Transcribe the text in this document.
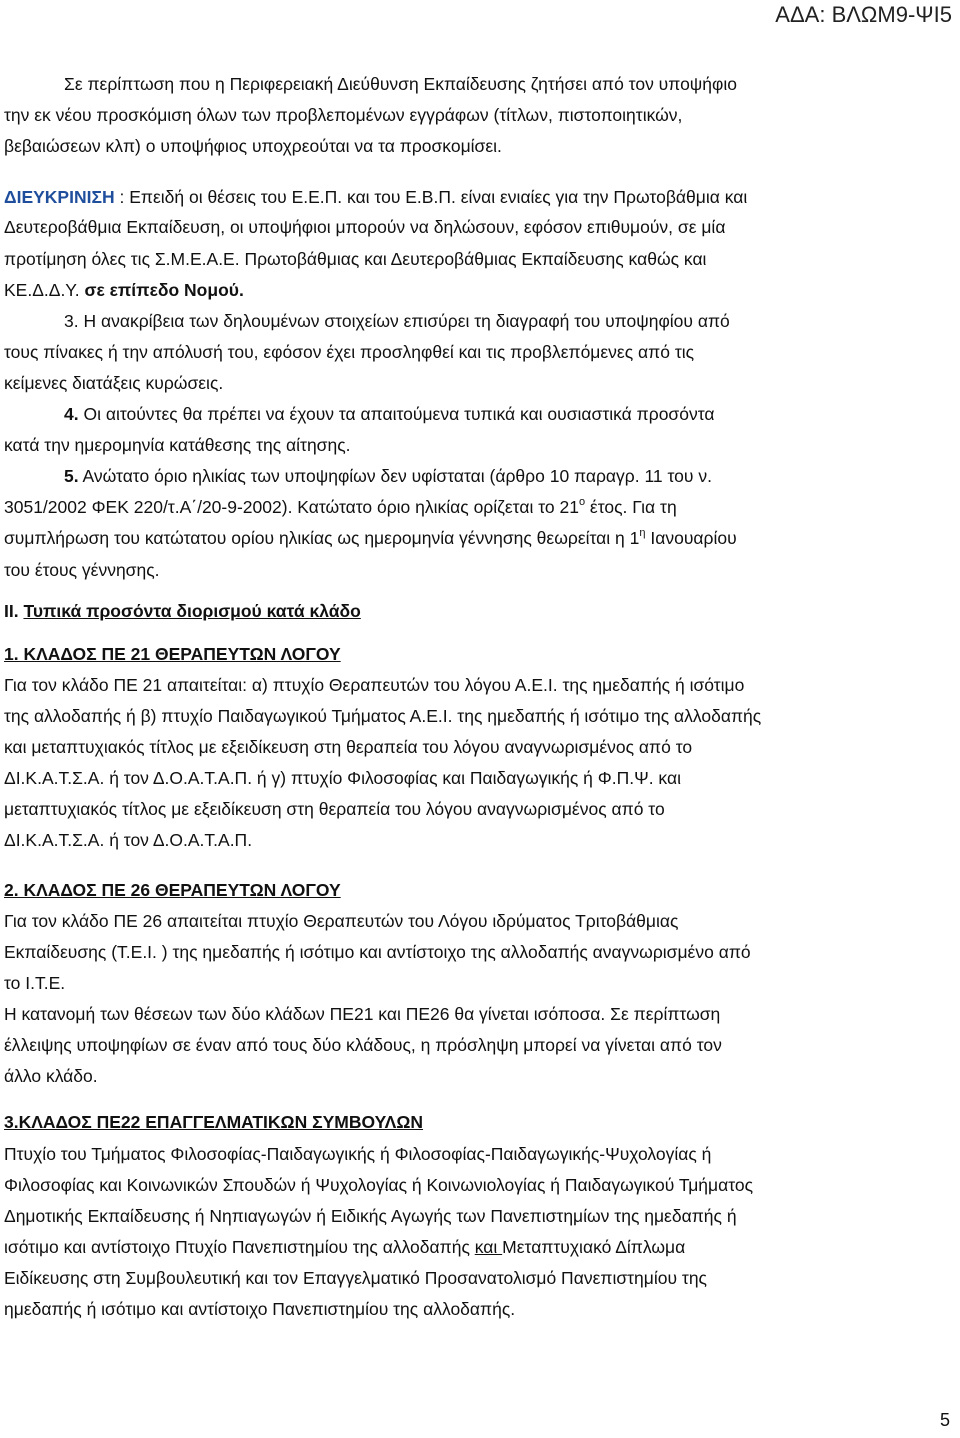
ΑΔΑ: ΒΛΩΜ9-ΨΙ5
Σε περίπτωση που η Περιφερειακή Διεύθυνση Εκπαίδευσης ζητήσει από τον υποψήφιο
την εκ νέου προσκόμιση όλων των προβλεπομένων εγγράφων (τίτλων, πιστοποιητικών,
βεβαιώσεων κλπ) ο υποψήφιος υποχρεούται να τα προσκομίσει.
ΔΙΕΥΚΡΙΝΙΣΗ : Επειδή οι θέσεις του Ε.Ε.Π. και του Ε.Β.Π. είναι ενιαίες για την Πρωτοβάθμια και
Δευτεροβάθμια Εκπαίδευση, οι υποψήφιοι μπορούν να δηλώσουν, εφόσον επιθυμούν, σε μία
προτίμηση όλες τις Σ.Μ.Ε.Α.Ε. Πρωτοβάθμιας και Δευτεροβάθμιας Εκπαίδευσης καθώς και
ΚΕ.Δ.Δ.Υ. σε επίπεδο Νομού.
3. Η ανακρίβεια των δηλουμένων στοιχείων επισύρει τη διαγραφή του υποψηφίου από
τους πίνακες ή την απόλυσή του, εφόσον έχει προσληφθεί και τις προβλεπόμενες από τις
κείμενες διατάξεις κυρώσεις.
4. Οι αιτούντες θα πρέπει να έχουν τα απαιτούμενα τυπικά και ουσιαστικά προσόντα
κατά την ημερομηνία κατάθεσης της αίτησης.
5. Ανώτατο όριο ηλικίας των υποψηφίων δεν υφίσταται (άρθρο 10 παραγρ. 11 του ν.
3051/2002 ΦΕΚ 220/τ.Α΄/20-9-2002). Κατώτατο όριο ηλικίας ορίζεται το $21^o$ έτος. Για τη
συμπλήρωση του κατώτατου ορίου ηλικίας ως ημερομηνία γέννησης θεωρείται η $1^\eta$ Ιανουαρίου
του έτους γέννησης.
ΙΙ. Τυπικά προσόντα διορισμού κατά κλάδο
1. ΚΛΑΔΟΣ ΠΕ 21 ΘΕΡΑΠΕΥΤΩΝ ΛΟΓΟΥ
Για τον κλάδο ΠΕ 21 απαιτείται: α) πτυχίο Θεραπευτών του λόγου Α.Ε.Ι. της ημεδαπής ή ισότιμο
της αλλοδαπής ή β) πτυχίο Παιδαγωγικού Τμήματος Α.Ε.Ι. της ημεδαπής ή ισότιμο της αλλοδαπής
και μεταπτυχιακός τίτλος με εξειδίκευση στη θεραπεία του λόγου αναγνωρισμένος από το
ΔΙ.Κ.Α.Τ.Σ.Α. ή τον Δ.Ο.Α.Τ.Α.Π. ή γ) πτυχίο Φιλοσοφίας και Παιδαγωγικής ή Φ.Π.Ψ. και
μεταπτυχιακός τίτλος με εξειδίκευση στη θεραπεία του λόγου αναγνωρισμένος από το
ΔΙ.Κ.Α.Τ.Σ.Α. ή τον Δ.Ο.Α.Τ.Α.Π.
2. ΚΛΑΔΟΣ ΠΕ 26 ΘΕΡΑΠΕΥΤΩΝ ΛΟΓΟΥ
Για τον κλάδο ΠΕ 26 απαιτείται πτυχίο Θεραπευτών του Λόγου ιδρύματος Τριτοβάθμιας
Εκπαίδευσης (Τ.Ε.Ι. ) της ημεδαπής ή ισότιμο και αντίστοιχο της αλλοδαπής αναγνωρισμένο από
το Ι.Τ.Ε.
Η κατανομή των θέσεων των δύο κλάδων ΠΕ21 και ΠΕ26 θα γίνεται ισόποσα. Σε περίπτωση
έλλειψης υποψηφίων σε έναν από τους δύο κλάδους, η πρόσληψη μπορεί να γίνεται από τον
άλλο κλάδο.
3.ΚΛΑΔΟΣ ΠΕ22 ΕΠΑΓΓΕΛΜΑΤΙΚΩΝ ΣΥΜΒΟΥΛΩΝ
Πτυχίο του Τμήματος Φιλοσοφίας-Παιδαγωγικής ή Φιλοσοφίας-Παιδαγωγικής-Ψυχολογίας ή
Φιλοσοφίας και Κοινωνικών Σπουδών ή Ψυχολογίας ή Κοινωνιολογίας ή Παιδαγωγικού Τμήματος
Δημοτικής Εκπαίδευσης ή Νηπιαγωγών ή Ειδικής Αγωγής των Πανεπιστημίων της ημεδαπής ή
ισότιμο και αντίστοιχο Πτυχίο Πανεπιστημίου της αλλοδαπής και Μεταπτυχιακό Δίπλωμα
Ειδίκευσης στη Συμβουλευτική και τον Επαγγελματικό Προσανατολισμό Πανεπιστημίου της
ημεδαπής ή ισότιμο και αντίστοιχο Πανεπιστημίου της αλλοδαπής.
5
